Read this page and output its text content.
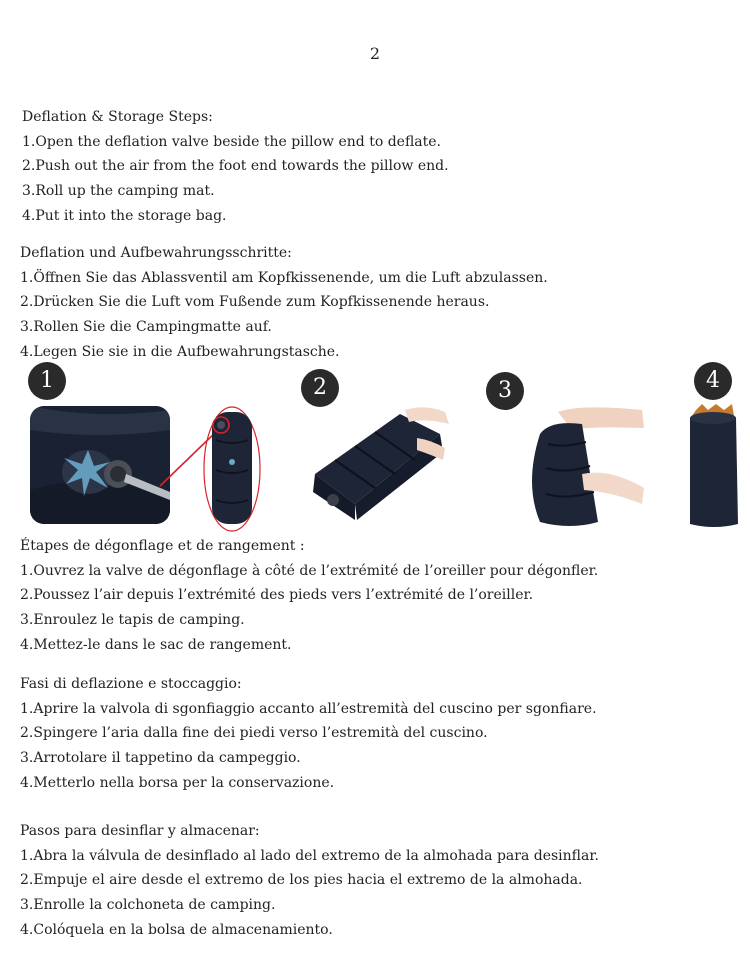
2
Deflation & Storage Steps:
1.Open the deflation valve beside the pillow end to deflate.
2.Push out the air from the foot end towards the pillow end.
3.Roll up the camping mat.
4.Put it into the storage bag.
Deflation und Aufbewahrungsschritte:
1.Öffnen Sie das Ablassventil am Kopfkissenende, um die Luft abzulassen.
2.Drücken Sie die Luft vom Fußende zum Kopfkissenende heraus.
3.Rollen Sie die Campingmatte auf.
4.Legen Sie sie in die Aufbewahrungstasche.
1	2	3	4
Étapes de dégonflage et de rangement :
1.Ouvrez la valve de dégonflage à côté de l’extrémité de l’oreiller pour dégonfler.
2.Poussez l’air depuis l’extrémité des pieds vers l’extrémité de l’oreiller.
3.Enroulez le tapis de camping.
4.Mettez-le dans le sac de rangement.
Fasi di deflazione e stoccaggio:
1.Aprire la valvola di sgonfiaggio accanto all’estremità del cuscino per sgonfiare.
2.Spingere l’aria dalla fine dei piedi verso l’estremità del cuscino.
3.Arrotolare il tappetino da campeggio.
4.Metterlo nella borsa per la conservazione.
Pasos para desinflar y almacenar:
1.Abra la válvula de desinflado al lado del extremo de la almohada para desinflar.
2.Empuje el aire desde el extremo de los pies hacia el extremo de la almohada.
3.Enrolle la colchoneta de camping.
4.Colóquela en la bolsa de almacenamiento.
